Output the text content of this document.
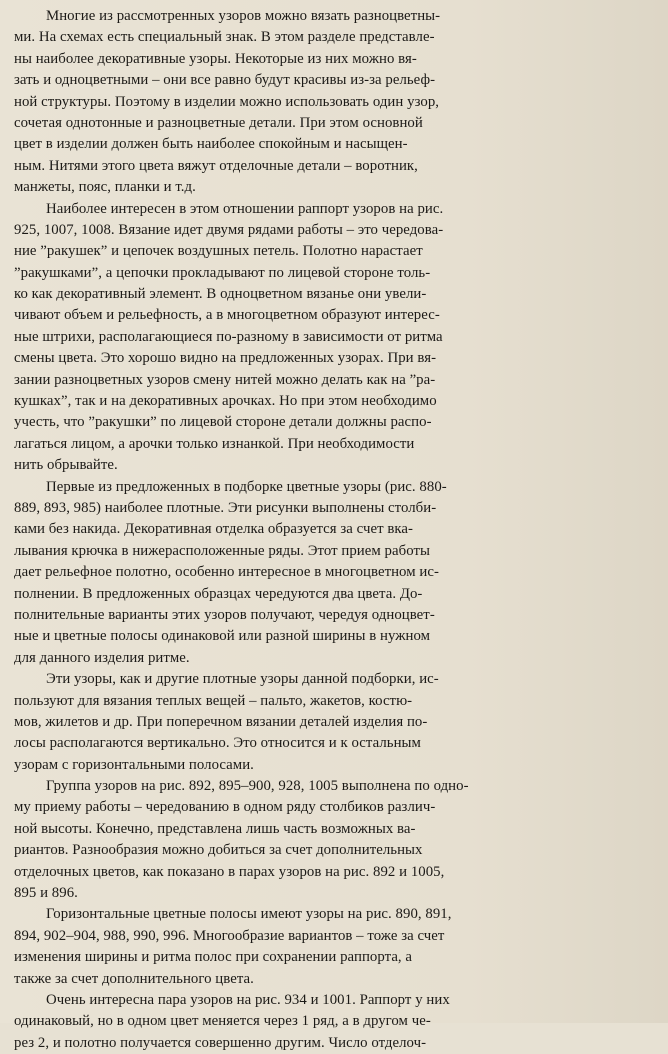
Многие из рассмотренных узоров можно вязать разноцветны-
ми. На схемах есть специальный знак. В этом разделе представле-
ны наиболее декоративные узоры. Некоторые из них можно вя-
зать и одноцветными – они все равно будут красивы из-за рельеф-
ной структуры. Поэтому в изделии можно использовать один узор,
сочетая однотонные и разноцветные детали. При этом основной
цвет в изделии должен быть наиболее спокойным и насыщен-
ным. Нитями этого цвета вяжут отделочные детали – воротник,
манжеты, пояс, планки и т.д.
Наиболее интересен в этом отношении раппорт узоров на рис.
925, 1007, 1008. Вязание идет двумя рядами работы – это чередова-
ние ”ракушек” и цепочек воздушных петель. Полотно нарастает
”ракушками”, а цепочки прокладывают по лицевой стороне толь-
ко как декоративный элемент. В одноцветном вязанье они увели-
чивают объем и рельефность, а в многоцветном образуют интерес-
ные штрихи, располагающиеся по-разному в зависимости от ритма
смены цвета. Это хорошо видно на предложенных узорах. При вя-
зании разноцветных узоров смену нитей можно делать как на ”ра-
кушках”, так и на декоративных арочках. Но при этом необходимо
учесть, что ”ракушки” по лицевой стороне детали должны распо-
лагаться лицом, а арочки только изнанкой. При необходимости
нить обрывайте.
Первые из предложенных в подборке цветные узоры (рис. 880-
889, 893, 985) наиболее плотные. Эти рисунки выполнены столби-
ками без накида. Декоративная отделка образуется за счет вка-
лывания крючка в нижерасположенные ряды. Этот прием работы
дает рельефное полотно, особенно интересное в многоцветном ис-
полнении. В предложенных образцах чередуются два цвета. До-
полнительные варианты этих узоров получают, чередуя одноцвет-
ные и цветные полосы одинаковой или разной ширины в нужном
для данного изделия ритме.
Эти узоры, как и другие плотные узоры данной подборки, ис-
пользуют для вязания теплых вещей – пальто, жакетов, костю-
мов, жилетов и др. При поперечном вязании деталей изделия по-
лосы располагаются вертикально. Это относится и к остальным
узорам с горизонтальными полосами.
Группа узоров на рис. 892, 895–900, 928, 1005 выполнена по одно-
му приему работы – чередованию в одном ряду столбиков различ-
ной высоты. Конечно, представлена лишь часть возможных ва-
риантов. Разнообразия можно добиться за счет дополнительных
отделочных цветов, как показано в парах узоров на рис. 892 и 1005,
895 и 896.
Горизонтальные цветные полосы имеют узоры на рис. 890, 891,
894, 902–904, 988, 990, 996. Многообразие вариантов – тоже за счет
изменения ширины и ритма полос при сохранении раппорта, а
также за счет дополнительного цвета.
Очень интересна пара узоров на рис. 934 и 1001. Раппорт у них
одинаковый, но в одном цвет меняется через 1 ряд, а в другом че-
рез 2, и полотно получается совершенно другим. Число отделоч-
